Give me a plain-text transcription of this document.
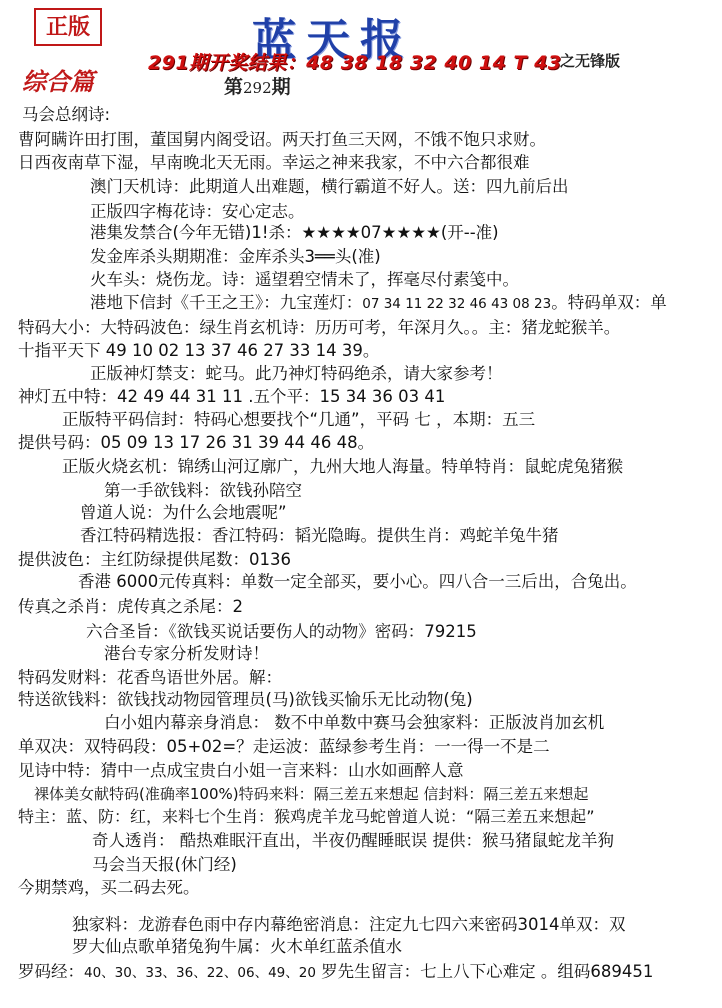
正版	蓝天报
291期开奖结果：48 38 18 32 40 14 T 43
之无锋版
综合篇	第292期
马会总纲诗:
曹阿瞒许田打围，董国舅内阁受诏。两天打鱼三天网，不饿不饱只求财。
日西夜南草下湿，早南晚北天无雨。幸运之神来我家，不中六合都很难
澳门天机诗：此期道人出难题，横行霸道不好人。送：四九前后出
正版四字梅花诗：安心定志。
港集发禁合(今年无错)1!杀：★★★★07★★★★(开--准)
发金库杀头期期准：金库杀头3══头(准)
火车头：烧伤龙。诗：遥望碧空情未了，挥毫尽付素笺中。
港地下信封《千王之王》：九宝莲灯：07 34 11 22 32 46 43 08 23。特码单双：单
特码大小：大特码波色：绿生肖玄机诗：历历可考，年深月久。。主：猪龙蛇猴羊。
十指平天下 49 10 02 13 37 46 27 33 14 39。
正版神灯禁支：蛇马。此乃神灯特码绝杀，请大家参考！
神灯五中特：42 49 44 31 11 .五个平：15 34 36 03 41
正版特平码信封：特码心想要找个“几通”，平码 七 ，本期：五三
提供号码：05 09 13 17 26 31 39 44 46 48。
正版火烧玄机：锦绣山河辽廓广，九州大地人海量。特单特肖：鼠蛇虎兔猪猴
第一手欲钱料：欲钱孙陪空
曾道人说：为什么会地震呢”
香江特码精选报：香江特码：韬光隐晦。提供生肖：鸡蛇羊兔牛猪
提供波色：主红防绿提供尾数：0136
香港 6000元传真料：单数一定全部买，要小心。四八合一三后出，合兔出。
传真之杀肖：虎传真之杀尾：2
六合圣旨：《欲钱买说话要伤人的动物》密码：79215
港台专家分析发财诗！
特码发财料：花香鸟语世外居。解：
特送欲钱料：欲钱找动物园管理员(马)欲钱买愉乐无比动物(兔)
白小姐内幕亲身消息： 数不中单数中赛马会独家料：正版波肖加玄机
单双决：双特码段：05+02=？走运波：蓝绿参考生肖：一一得一不是二
见诗中特：猜中一点成宝贵白小姐一言来料：山水如画醉人意
裸体美女献特码(准确率100%)特码来料：隔三差五来想起 信封料：隔三差五来想起
特主：蓝、防：红，来料七个生肖：猴鸡虎羊龙马蛇曾道人说：“隔三差五来想起”
奇人透肖： 酷热难眠汗直出，半夜仍醒睡眠误 提供：猴马猪鼠蛇龙羊狗
马会当天报(休门经)
今期禁鸡，买二码去死。
独家料：龙游春色雨中存内幕绝密消息：注定九七四六来密码3014单双：双
罗大仙点歌单猪兔狗牛属：火木单红蓝杀值水
罗码经：40、30、33、36、22、06、49、20 罗先生留言：七上八下心难定 。组码689451
